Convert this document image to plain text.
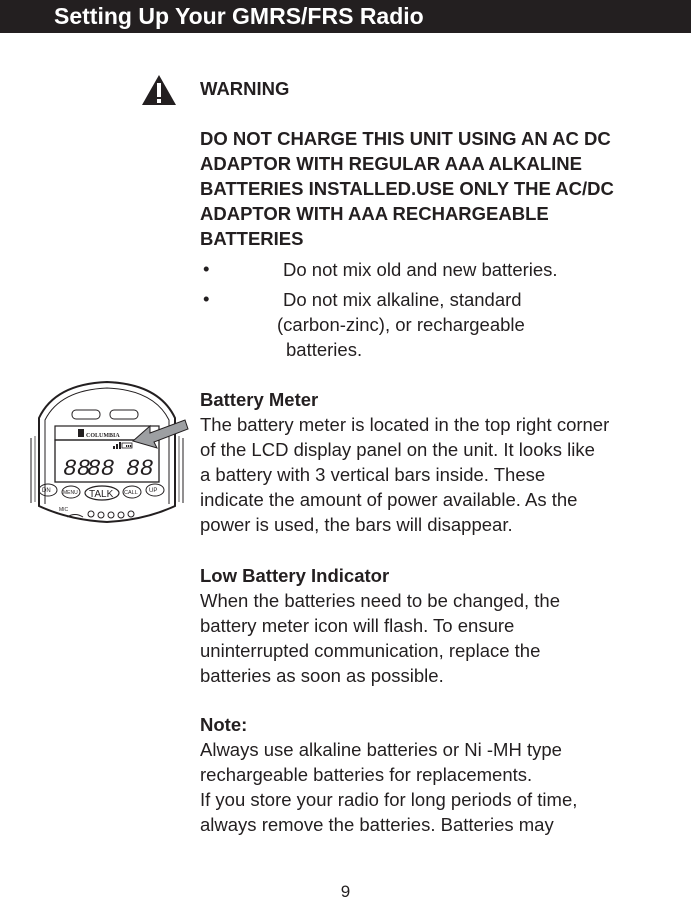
Setting Up Your GMRS/FRS Radio
WARNING
DO NOT CHARGE THIS UNIT USING AN AC DC
ADAPTOR WITH REGULAR AAA ALKALINE
BATTERIES INSTALLED.USE ONLY THE AC/DC
ADAPTOR WITH AAA RECHARGEABLE
BATTERIES
•	Do not mix old and new batteries.
•	Do not mix alkaline, standard
(carbon-zinc), or rechargeable
batteries.
Battery Meter
The battery meter is located in the top right corner
of the LCD display panel on the unit. It looks like
a battery with 3 vertical bars inside. These
indicate the amount of power available. As the
power is used, the bars will disappear.
Low Battery Indicator
When the batteries need to be changed, the
battery meter icon will flash. To ensure
uninterrupted communication, replace the
batteries as soon as possible.
Note:
Always use alkaline batteries or Ni -MH type
rechargeable batteries for replacements.
If you store your radio for long periods of time,
always remove the batteries. Batteries may
COLUMBIA
88
88 88
DN MENU TALK CALL UP
MIC
9
